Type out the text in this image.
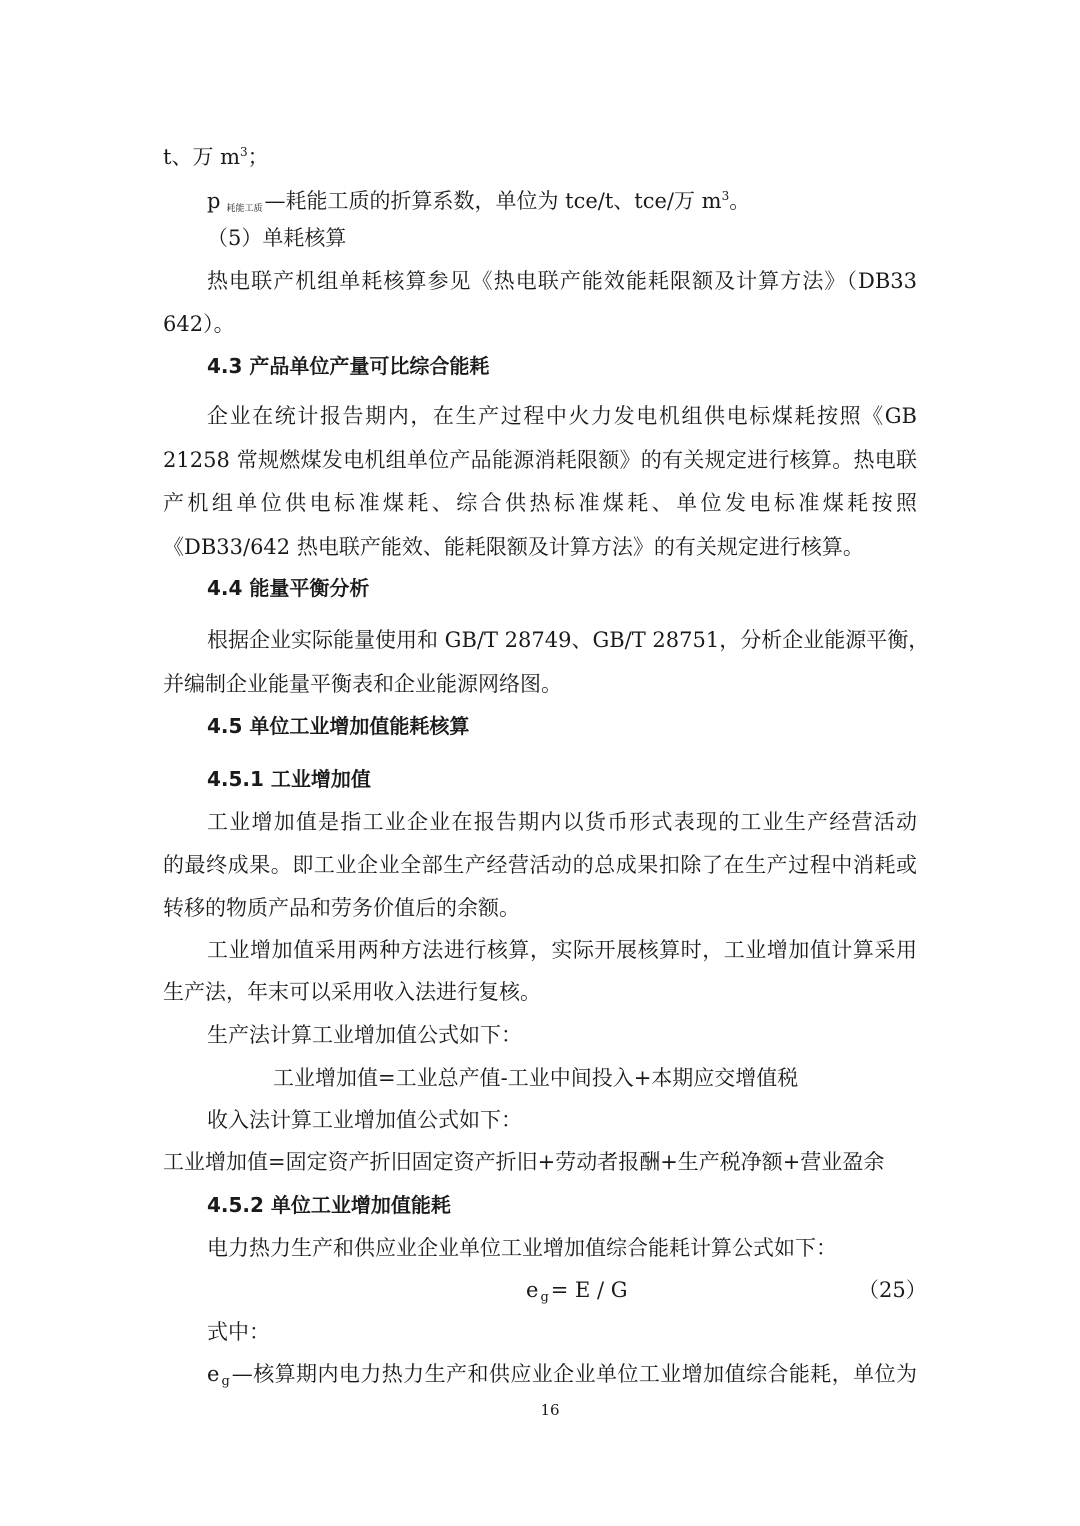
t、万 $m^3$；
p $_{耗能工质}$—耗能工质的折算系数，单位为 tce/t、tce/万 $m^3$。
（5）单耗核算
热电联产机组单耗核算参见《热电联产能效能耗限额及计算方法》（DB33
642）。
4.3 产品单位产量可比综合能耗
企业在统计报告期内，在生产过程中火力发电机组供电标煤耗按照《GB
21258 常规燃煤发电机组单位产品能源消耗限额》的有关规定进行核算。热电联
产机组单位供电标准煤耗、综合供热标准煤耗、单位发电标准煤耗按照
《DB33/642 热电联产能效、能耗限额及计算方法》的有关规定进行核算。
4.4 能量平衡分析
根据企业实际能量使用和 GB/T 28749、GB/T 28751，分析企业能源平衡，
并编制企业能量平衡表和企业能源网络图。
4.5 单位工业增加值能耗核算
4.5.1 工业增加值
工业增加值是指工业企业在报告期内以货币形式表现的工业生产经营活动
的最终成果。即工业企业全部生产经营活动的总成果扣除了在生产过程中消耗或
转移的物质产品和劳务价值后的余额。
工业增加值采用两种方法进行核算，实际开展核算时，工业增加值计算采用
生产法，年末可以采用收入法进行复核。
生产法计算工业增加值公式如下：
工业增加值=工业总产值-工业中间投入+本期应交增值税
收入法计算工业增加值公式如下：
工业增加值=固定资产折旧固定资产折旧+劳动者报酬+生产税净额+营业盈余
4.5.2 单位工业增加值能耗
电力热力生产和供应业企业单位工业增加值综合能耗计算公式如下：
eg= E / G	（25）
式中：
eg—核算期内电力热力生产和供应业企业单位工业增加值综合能耗，单位为
16
